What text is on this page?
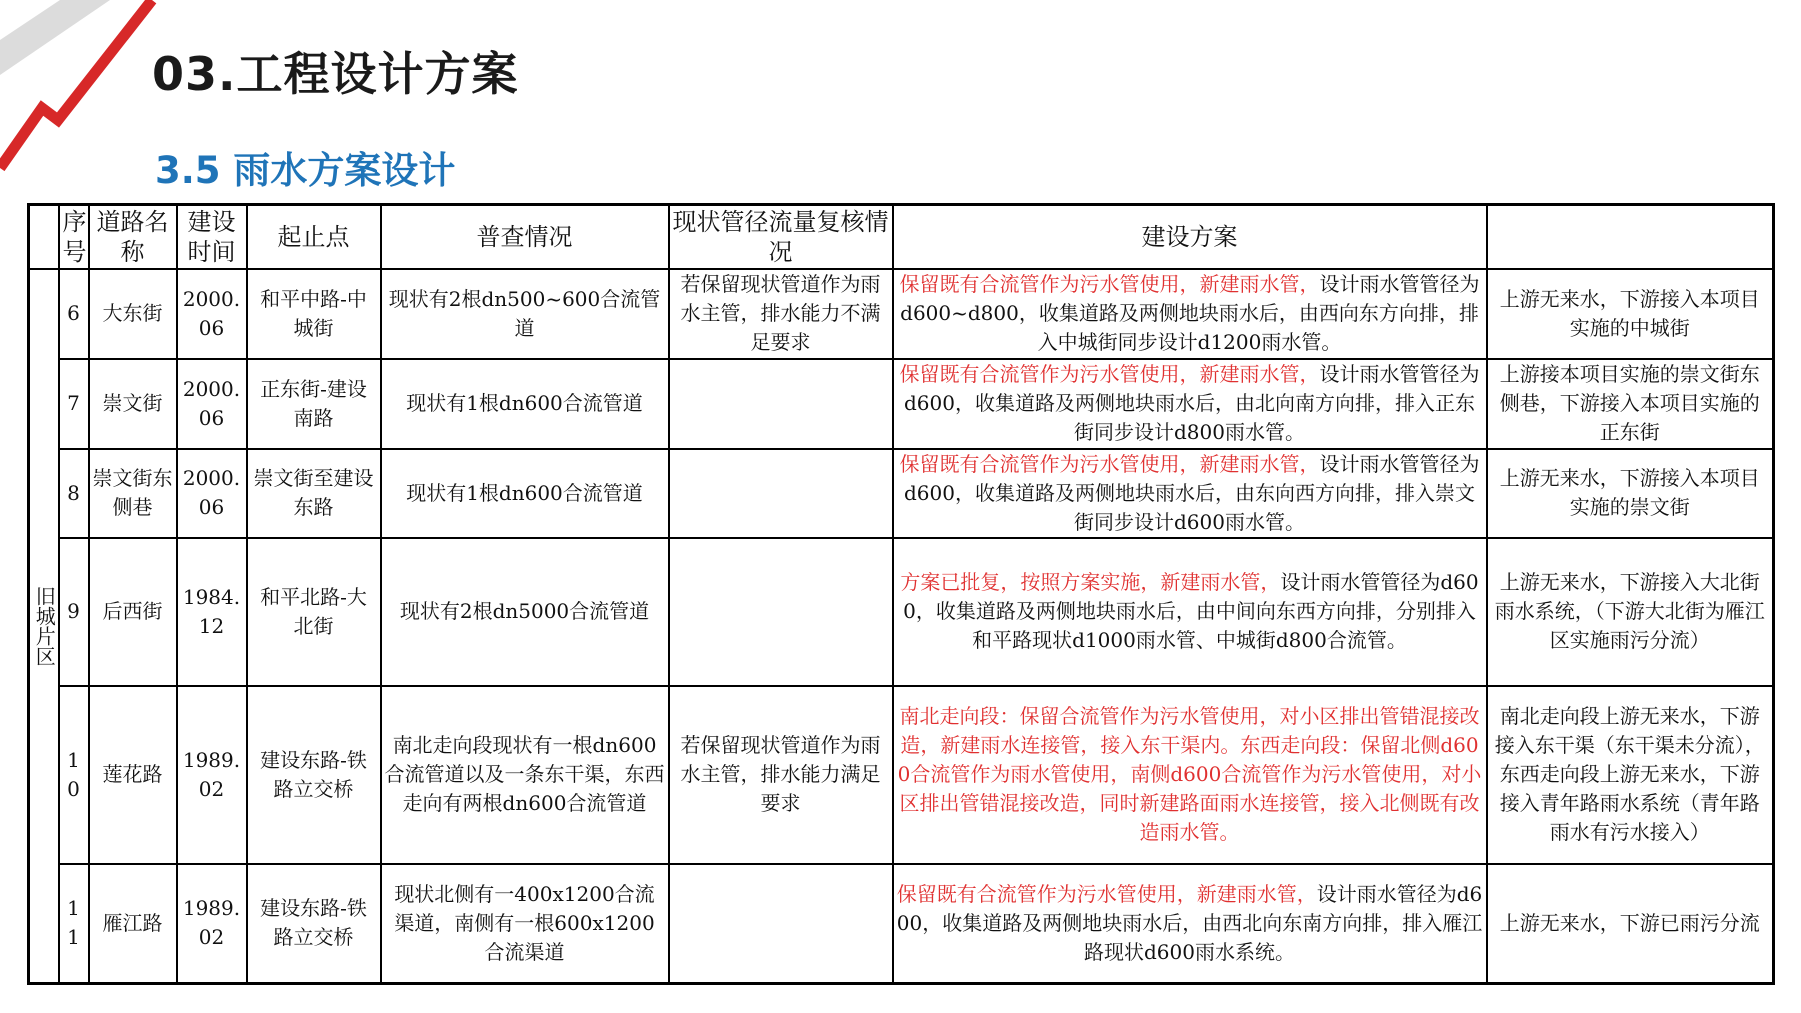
03.工程设计方案
3.5 雨水方案设计
	序号	道路名称	建设时间	起止点	普查情况	现状管径流量复核情况	建设方案	
旧城片区	6	大东街	2000.06	和平中路-中城街	现状有2根dn500~600合流管道	若保留现状管道作为雨水主管，排水能力不满足要求	保留既有合流管作为污水管使用，新建雨水管，设计雨水管管径为d600~d800，收集道路及两侧地块雨水后，由西向东方向排，排入中城街同步设计d1200雨水管。	上游无来水，下游接入本项目实施的中城街
	7	崇文街	2000.06	正东街-建设南路	现状有1根dn600合流管道		保留既有合流管作为污水管使用，新建雨水管，设计雨水管管径为d600，收集道路及两侧地块雨水后，由北向南方向排，排入正东街同步设计d800雨水管。	上游接本项目实施的崇文街东侧巷，下游接入本项目实施的正东街
	8	崇文街东侧巷	2000.06	崇文街至建设东路	现状有1根dn600合流管道		保留既有合流管作为污水管使用，新建雨水管，设计雨水管管径为d600，收集道路及两侧地块雨水后，由东向西方向排，排入崇文街同步设计d600雨水管。	上游无来水，下游接入本项目实施的崇文街
	9	后西街	1984.12	和平北路-大北街	现状有2根dn5000合流管道		方案已批复，按照方案实施，新建雨水管，设计雨水管管径为d600，收集道路及两侧地块雨水后，由中间向东西方向排，分别排入和平路现状d1000雨水管、中城街d800合流管。	上游无来水，下游接入大北街雨水系统，（下游大北街为雁江区实施雨污分流）
	10	莲花路	1989.02	建设东路-铁路立交桥	南北走向段现状有一根dn600合流管道以及一条东干渠，东西走向有两根dn600合流管道	若保留现状管道作为雨水主管，排水能力满足要求	南北走向段：保留合流管作为污水管使用，对小区排出管错混接改造，新建雨水连接管，接入东干渠内。东西走向段：保留北侧d600合流管作为雨水管使用，南侧d600合流管作为污水管使用，对小区排出管错混接改造，同时新建路面雨水连接管，接入北侧既有改造雨水管。	南北走向段上游无来水，下游接入东干渠（东干渠未分流），东西走向段上游无来水，下游接入青年路雨水系统（青年路雨水有污水接入）
	11	雁江路	1989.02	建设东路-铁路立交桥	现状北侧有一400x1200合流渠道，南侧有一根600x1200合流渠道		保留既有合流管作为污水管使用，新建雨水管，设计雨水管径为d600，收集道路及两侧地块雨水后，由西北向东南方向排，排入雁江路现状d600雨水系统。	上游无来水，下游已雨污分流
